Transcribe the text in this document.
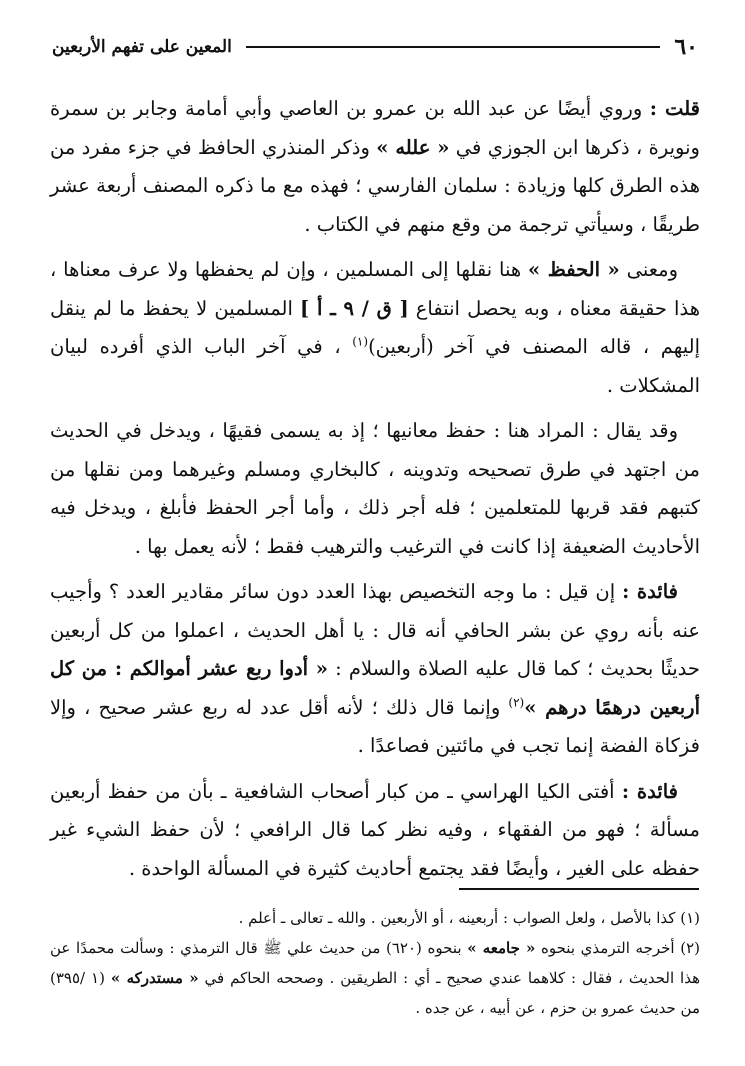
٦٠
المعين على تفهم الأربعين

قلت : وروي أيضًا عن عبد الله بن عمرو بن العاصي وأبي أمامة وجابر بن سمرة ونويرة ، ذكرها ابن الجوزي في « علله » وذكر المنذري الحافظ في جزء مفرد من هذه الطرق كلها وزيادة : سلمان الفارسي ؛ فهذه مع ما ذكره المصنف أربعة عشر طريقًا ، وسيأتي ترجمة من وقع منهم في الكتاب .

ومعنى « الحفظ » هنا نقلها إلى المسلمين ، وإن لم يحفظها ولا عرف معناها ، هذا حقيقة معناه ، وبه يحصل انتفاع [ ق / ٩ ـ أ ] المسلمين لا يحفظ ما لم ينقل إليهم ، قاله المصنف في آخر (أربعين)$^{(١)}$ ، في آخر الباب الذي أفرده لبيان المشكلات .

وقد يقال : المراد هنا : حفظ معانيها ؛ إذ به يسمى فقيهًا ، ويدخل في الحديث من اجتهد في طرق تصحيحه وتدوينه ، كالبخاري ومسلم وغيرهما ومن نقلها من كتبهم فقد قربها للمتعلمين ؛ فله أجر ذلك ، وأما أجر الحفظ فأبلغ ، ويدخل فيه الأحاديث الضعيفة إذا كانت في الترغيب والترهيب فقط ؛ لأنه يعمل بها .

فائدة : إن قيل : ما وجه التخصيص بهذا العدد دون سائر مقادير العدد ؟ وأجيب عنه بأنه روي عن بشر الحافي أنه قال : يا أهل الحديث ، اعملوا من كل أربعين حديثًا بحديث ؛ كما قال عليه الصلاة والسلام : « أدوا ربع عشر أموالكم : من كل أربعين درهمًا درهم »$^{(٢)}$ وإنما قال ذلك ؛ لأنه أقل عدد له ربع عشر صحيح ، وإلا فزكاة الفضة إنما تجب في مائتين فصاعدًا .

فائدة : أفتى الكيا الهراسي ـ من كبار أصحاب الشافعية ـ بأن من حفظ أربعين مسألة ؛ فهو من الفقهاء ، وفيه نظر كما قال الرافعي ؛ لأن حفظ الشيء غير حفظه على الغير ، وأيضًا فقد يجتمع أحاديث كثيرة في المسألة الواحدة .

(١) كذا بالأصل ، ولعل الصواب : أربعينه ، أو الأربعين . والله ـ تعالى ـ أعلم .

(٢) أخرجه الترمذي بنحوه « جامعه » بنحوه (٦٢٠) من حديث علي ﷺ قال الترمذي : وسألت محمدًا عن هذا الحديث ، فقال : كلاهما عندي صحيح ـ أي : الطريقين . وصححه الحاكم في « مستدركه » (١ /٣٩٥) من حديث عمرو بن حزم ، عن أبيه ، عن جده .
